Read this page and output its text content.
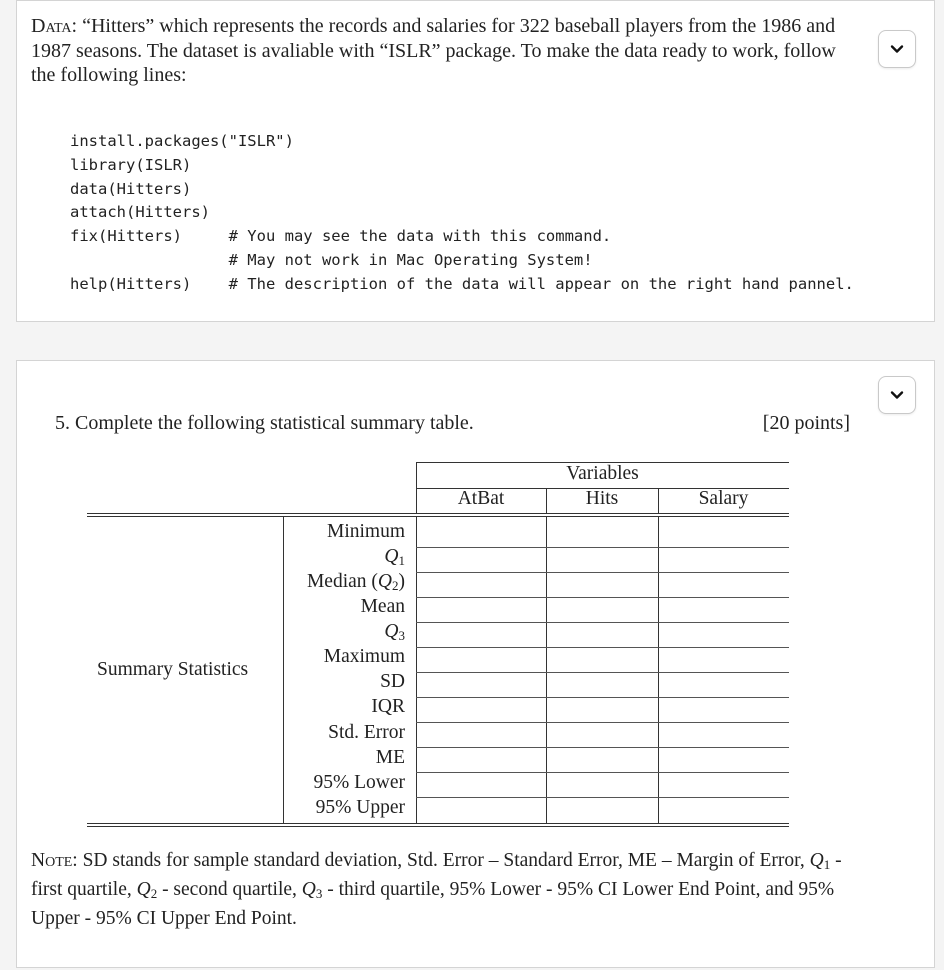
Data: “Hitters” which represents the records and salaries for 322 baseball players from the 1986 and 1987 seasons. The dataset is avaliable with “ISLR” package. To make the data ready to work, follow the following lines:
install.packages("ISLR")
library(ISLR)
data(Hitters)
attach(Hitters)
fix(Hitters)     # You may see the data with this command.
# May not work in Mac Operating System!
help(Hitters)    # The description of the data will appear on the right hand pannel.
5. Complete the following statistical summary table.	[20 points]
Variables
AtBat	Hits	Salary
Summary Statistics
Minimum
$Q_1$
Median $(Q_2)$
Mean
$Q_3$
Maximum
SD
IQR
Std. Error
ME
95% Lower
95% Upper
Note: SD stands for sample standard deviation, Std. Error – Standard Error, ME – Margin of Error, $Q_1$ - first quartile, $Q_2$ - second quartile, $Q_3$ - third quartile, 95% Lower - 95% CI Lower End Point, and 95% Upper - 95% CI Upper End Point.
